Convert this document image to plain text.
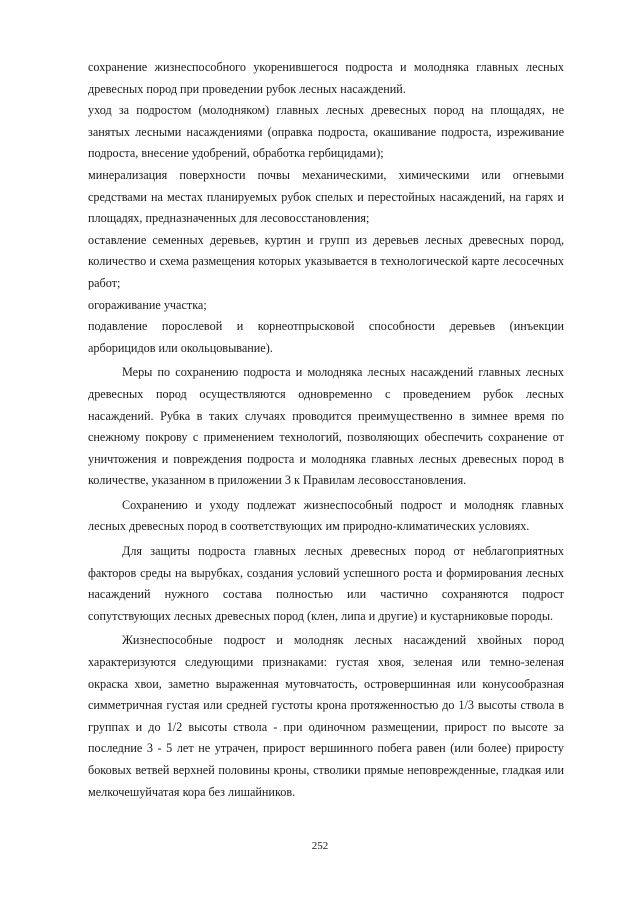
сохранение жизнеспособного укоренившегося подроста и молодняка главных лесных древесных пород при проведении рубок лесных насаждений.

уход за подростом (молодняком) главных лесных древесных пород на площадях, не занятых лесными насаждениями (оправка подроста, окашивание подроста, изреживание подроста, внесение удобрений, обработка гербицидами);

минерализация поверхности почвы механическими, химическими или огневыми средствами на местах планируемых рубок спелых и перестойных насаждений, на гарях и площадях, предназначенных для лесовосстановления;

оставление семенных деревьев, куртин и групп из деревьев лесных древесных пород, количество и схема размещения которых указывается в технологической карте лесосечных работ;

огораживание участка;

подавление порослевой и корнеотпрысковой способности деревьев (инъекции арборицидов или окольцовывание).

Меры по сохранению подроста и молодняка лесных насаждений главных лесных древесных пород осуществляются одновременно с проведением рубок лесных насаждений. Рубка в таких случаях проводится преимущественно в зимнее время по снежному покрову с применением технологий, позволяющих обеспечить сохранение от уничтожения и повреждения подроста и молодняка главных лесных древесных пород в количестве, указанном в приложении 3 к Правилам лесовосстановления.

Сохранению и уходу подлежат жизнеспособный подрост и молодняк главных лесных древесных пород в соответствующих им природно-климатических условиях.

Для защиты подроста главных лесных древесных пород от неблагоприятных факторов среды на вырубках, создания условий успешного роста и формирования лесных насаждений нужного состава полностью или частично сохраняются подрост сопутствующих лесных древесных пород (клен, липа и другие) и кустарниковые породы.

Жизнеспособные подрост и молодняк лесных насаждений хвойных пород характеризуются следующими признаками: густая хвоя, зеленая или темно-зеленая окраска хвои, заметно выраженная мутовчатость, островершинная или конусообразная симметричная густая или средней густоты крона протяженностью до 1/3 высоты ствола в группах и до 1/2 высоты ствола - при одиночном размещении, прирост по высоте за последние 3 - 5 лет не утрачен, прирост вершинного побега равен (или более) приросту боковых ветвей верхней половины кроны, стволики прямые неповрежденные, гладкая или мелкочешуйчатая кора без лишайников.

252
